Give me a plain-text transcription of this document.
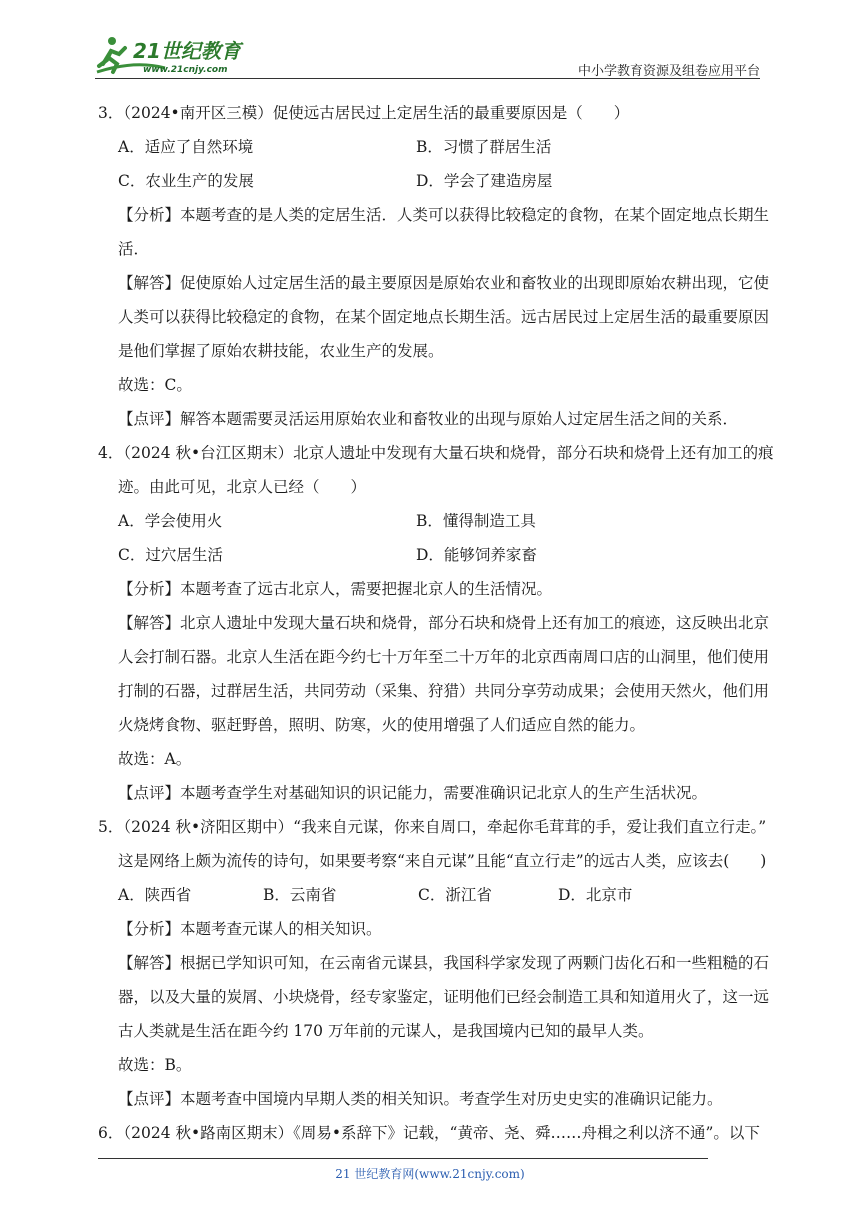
21世纪教育
www.21cnjy.com	中小学教育资源及组卷应用平台
3．（2024•南开区三模）促使远古居民过上定居生活的最重要原因是（　　）
A．适应了自然环境	B．习惯了群居生活
C．农业生产的发展	D．学会了建造房屋
【分析】本题考查的是人类的定居生活．人类可以获得比较稳定的食物，在某个固定地点长期生
活．
【解答】促使原始人过定居生活的最主要原因是原始农业和畜牧业的出现即原始农耕出现，它使
人类可以获得比较稳定的食物，在某个固定地点长期生活。远古居民过上定居生活的最重要原因
是他们掌握了原始农耕技能，农业生产的发展。
故选：C。
【点评】解答本题需要灵活运用原始农业和畜牧业的出现与原始人过定居生活之间的关系．
4．（2024 秋•台江区期末）北京人遗址中发现有大量石块和烧骨，部分石块和烧骨上还有加工的痕
迹。由此可见，北京人已经（　　）
A．学会使用火	B．懂得制造工具
C．过穴居生活	D．能够饲养家畜
【分析】本题考查了远古北京人，需要把握北京人的生活情况。
【解答】北京人遗址中发现大量石块和烧骨，部分石块和烧骨上还有加工的痕迹，这反映出北京
人会打制石器。北京人生活在距今约七十万年至二十万年的北京西南周口店的山洞里，他们使用
打制的石器，过群居生活，共同劳动（采集、狩猎）共同分享劳动成果；会使用天然火，他们用
火烧烤食物、驱赶野兽，照明、防寒，火的使用增强了人们适应自然的能力。
故选：A。
【点评】本题考查学生对基础知识的识记能力，需要准确识记北京人的生产生活状况。
5．（2024 秋•济阳区期中）“我来自元谋，你来自周口，牵起你毛茸茸的手，爱让我们直立行走。”
这是网络上颇为流传的诗句，如果要考察“来自元谋”且能“直立行走”的远古人类，应该去(　　)
A．陕西省	B．云南省	C．浙江省	D．北京市
【分析】本题考查元谋人的相关知识。
【解答】根据已学知识可知，在云南省元谋县，我国科学家发现了两颗门齿化石和一些粗糙的石
器，以及大量的炭屑、小块烧骨，经专家鉴定，证明他们已经会制造工具和知道用火了，这一远
古人类就是生活在距今约 170 万年前的元谋人，是我国境内已知的最早人类。
故选：B。
【点评】本题考查中国境内早期人类的相关知识。考查学生对历史史实的准确识记能力。
6．（2024 秋•路南区期末）《周易•系辞下》记载，“黄帝、尧、舜……舟楫之利以济不通”。以下
21 世纪教育网(www.21cnjy.com)
